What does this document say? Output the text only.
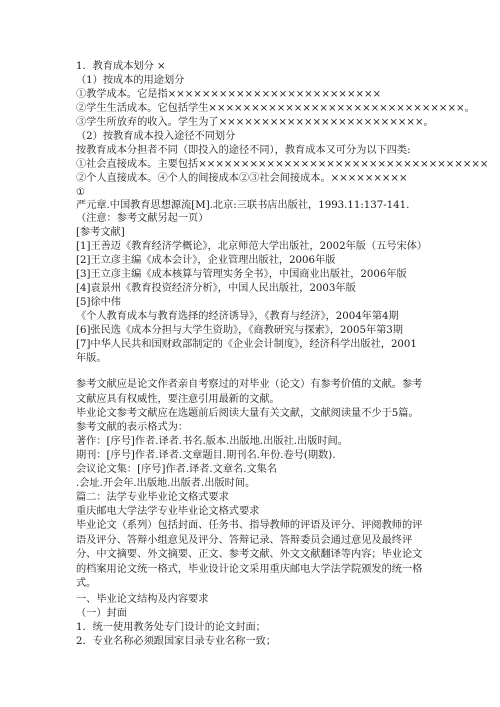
1．教育成本划分 ×
（1）按成本的用途划分
①教学成本。它是指×××××××××××××××××××××××××
②学生生活成本。它包括学生××××××××××××××××××××××××××××××。
③学生所放弃的收入。学生为了××××××××××××××××××××××××。
（2）按教育成本投入途径不同划分
按教育成本分担者不同（即投入的途径不同），教育成本又可分为以下四类:
①社会直接成本。主要包括××××××××××××××××××××××××××××××××××
②个人直接成本。④个人的间接成本②③社会间接成本。×××××××××
①
严元章.中国教育思想源流[M].北京:三联书店出版社，1993.11:137-141.
（注意：参考文献另起一页）
[参考文献]
[1]王善迈《教育经济学概论》，北京师范大学出版社，2002年版（五号宋体）
[2]王立彦主编《成本会计》，企业管理出版社，2006年版
[3]王立彦主编《成本核算与管理实务全书》，中国商业出版社，2006年版
[4]袁景州《教育投资经济分析》，中国人民出版社，2003年版
[5]徐中伟
《个人教育成本与教育选择的经济诱导》，《教育与经济》，2004年第4期
[6]张民选《成本分担与大学生资助》，《商教研究与探索》，2005年第3期
[7]中华人民共和国财政部制定的《企业会计制度》，经济科学出版社，2001年版。
参考文献应是论文作者亲自考察过的对毕业（论文）有参考价值的文献。参考文献应具有权威性，要注意引用最新的文献。
毕业论文参考文献应在选题前后阅读大量有关文献，文献阅读量不少于5篇。
参考文献的表示格式为：
著作：[序号]作者.译者.书名.版本.出版地.出版社.出版时间。
期刊：[序号]作者.译者.文章题目.期刊名.年份.卷号(期数).
会议论文集：[序号]作者.译者.文章名.文集名
.会址.开会年.出版地.出版者.出版时间。
篇二：法学专业毕业论文格式要求
重庆邮电大学法学专业毕业论文格式要求
毕业论文（系列）包括封面、任务书、指导教师的评语及评分、评阅教师的评语及评分、答辩小组意见及评分、答辩记录、答辩委员会通过意见及最终评分、中文摘要、外文摘要、正文、参考文献、外文文献翻译等内容；毕业论文的档案用论文统一格式，毕业设计论文采用重庆邮电大学法学院颁发的统一格式。
一、毕业论文结构及内容要求
（一）封面
1．统一使用教务处专门设计的论文封面；
2．专业名称必须跟国家目录专业名称一致；
